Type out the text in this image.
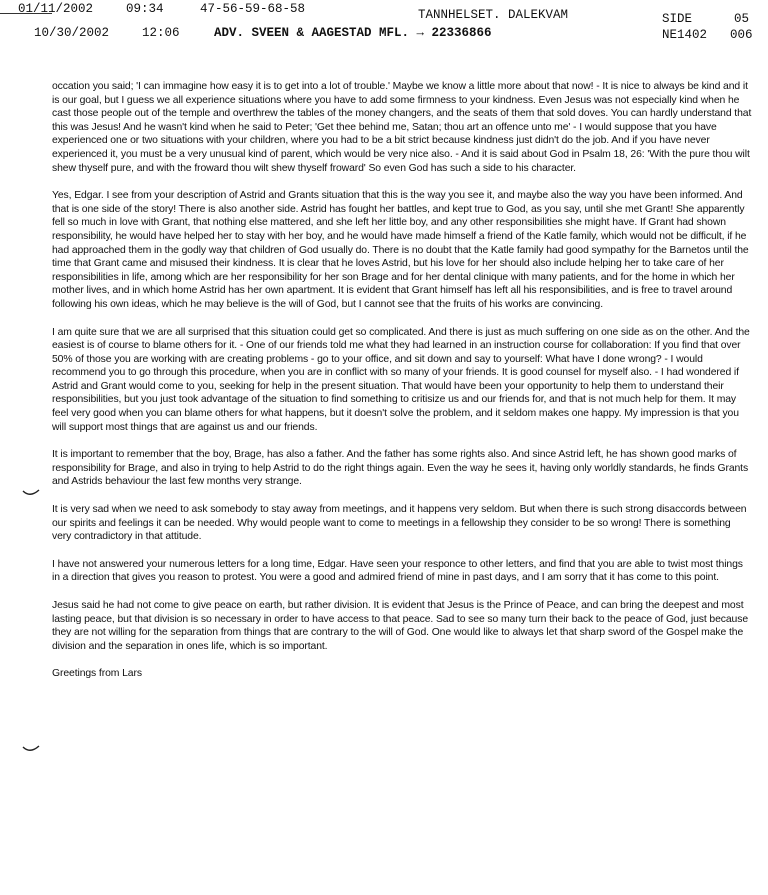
01/11/2002	09:34	47-56-59-68-58	TANNHELSET. DALEKVAM	SIDE	05
10/30/2002	12:06	ADV. SVEEN & AAGESTAD MFL. → 22336866	NE1402 006

occation you said; 'I can immagine how easy it is to get into a lot of trouble.' Maybe we know a little more about that now! - It is nice to always be kind and it is our goal, but I guess we all experience situations where you have to add some firmness to your kindness. Even Jesus was not especially kind when he cast those people out of the temple and overthrew the tables of the money changers, and the seats of them that sold doves. You can hardly understand that this was Jesus! And he wasn't kind when he said to Peter; 'Get thee behind me, Satan; thou art an offence unto me' - I would suppose that you have experienced one or two situations with your children, where you had to be a bit strict because kindness just didn't do the job. And if you have never experienced it, you must be a very unusual kind of parent, which would be very nice also. - And it is said about God in Psalm 18, 26: 'With the pure thou wilt shew thyself pure, and with the froward thou wilt shew thyself froward' So even God has such a side to his character.

Yes, Edgar. I see from your description of Astrid and Grants situation that this is the way you see it, and maybe also the way you have been informed. And that is one side of the story! There is also another side. Astrid has fought her battles, and kept true to God, as you say, until she met Grant! She apparently fell so much in love with Grant, that nothing else mattered, and she left her little boy, and any other responsibilities she might have. If Grant had shown responsibility, he would have helped her to stay with her boy, and he would have made himself a friend of the Katle family, which would not be difficult, if he had approached them in the godly way that children of God usually do. There is no doubt that the Katle family had good sympathy for the Barnetos until the time that Grant came and misused their kindness. It is clear that he loves Astrid, but his love for her should also include helping her to take care of her responsibilities in life, among which are her responsibility for her son Brage and for her dental clinique with many patients, and for the home in which her mother lives, and in which home Astrid has her own apartment. It is evident that Grant himself has left all his responsibilities, and is free to travel around following his own ideas, which he may believe is the will of God, but I cannot see that the fruits of his works are convincing.

I am quite sure that we are all surprised that this situation could get so complicated. And there is just as much suffering on one side as on the other. And the easiest is of course to blame others for it. - One of our friends told me what they had learned in an instruction course for collaboration: If you find that over 50% of those you are working with are creating problems - go to your office, and sit down and say to yourself: What have I done wrong? - I would recommend you to go through this procedure, when you are in conflict with so many of your friends. It is good counsel for myself also. - I had wondered if Astrid and Grant would come to you, seeking for help in the present situation. That would have been your opportunity to help them to understand their responsibilities, but you just took advantage of the situation to find something to critisize us and our friends for, and that is not much help for them. It may feel very good when you can blame others for what happens, but it doesn't solve the problem, and it seldom makes one happy. My impression is that you will support most things that are against us and our friends.

It is important to remember that the boy, Brage, has also a father. And the father has some rights also. And since Astrid left, he has shown good marks of responsibility for Brage, and also in trying to help Astrid to do the right things again. Even the way he sees it, having only worldly standards, he finds Grants and Astrids behaviour the last few months very strange.

It is very sad when we need to ask somebody to stay away from meetings, and it happens very seldom. But when there is such strong disaccords between our spirits and feelings it can be needed. Why would people want to come to meetings in a fellowship they consider to be so wrong! There is something very contradictory in that attitude.

I have not answered your numerous letters for a long time, Edgar. Have seen your responce to other letters, and find that you are able to twist most things in a direction that gives you reason to protest. You were a good and admired friend of mine in past days, and I am sorry that it has come to this point.

Jesus said he had not come to give peace on earth, but rather division. It is evident that Jesus is the Prince of Peace, and can bring the deepest and most lasting peace, but that division is so necessary in order to have access to that peace. Sad to see so many turn their back to the peace of God, just because they are not willing for the separation from things that are contrary to the will of God. One would like to always let that sharp sword of the Gospel make the division and the separation in ones life, which is so important.

Greetings from Lars
